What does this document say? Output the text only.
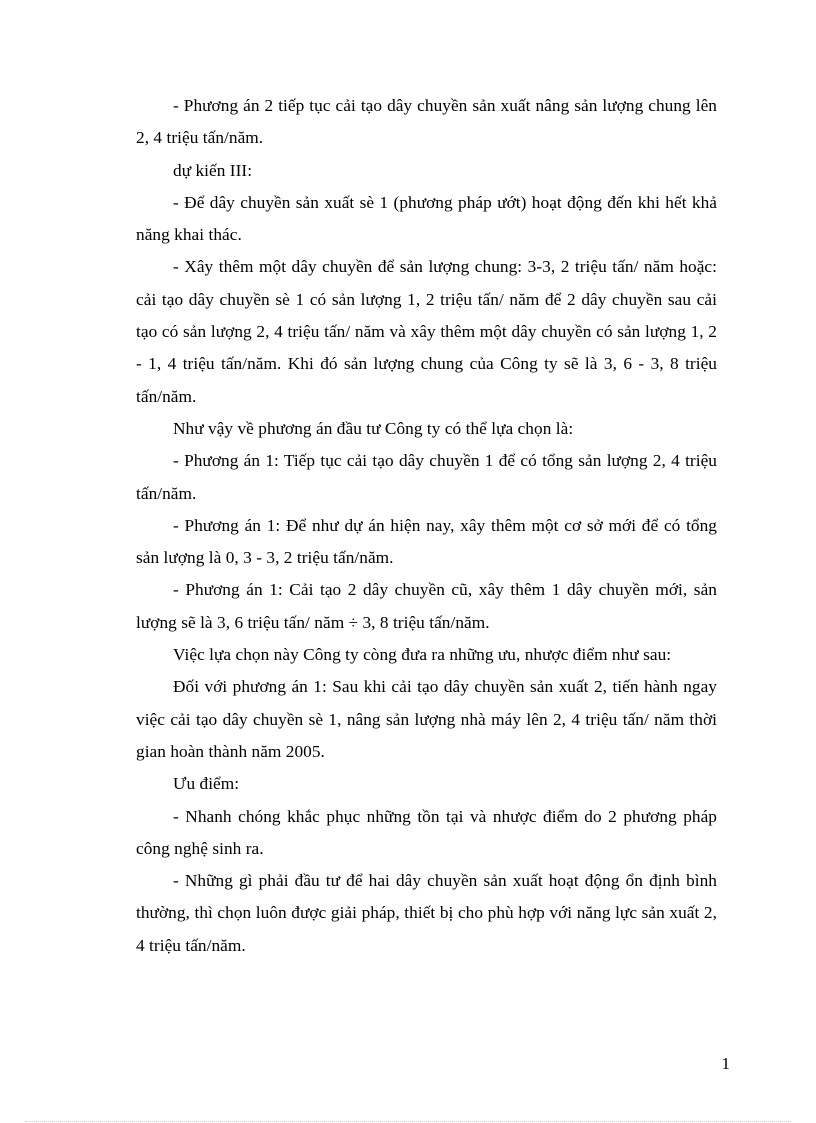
- Phương án 2 tiếp tục cải tạo dây chuyền sản xuất nâng sản lượng chung lên 2, 4 triệu tấn/năm.

dự kiến III:

- Để dây chuyền sản xuất sè 1 (phương pháp ướt) hoạt động đến khi hết khả năng khai thác.

- Xây thêm một dây chuyền để sản lượng chung: 3-3, 2 triệu tấn/ năm hoặc: cải tạo dây chuyền sè 1 có sản lượng 1, 2 triệu tấn/ năm để 2 dây chuyền sau cải tạo có sản lượng 2, 4 triệu tấn/ năm và xây thêm một dây chuyền có sản lượng 1, 2 - 1, 4 triệu tấn/năm. Khi đó sản lượng chung của Công ty sẽ là 3, 6 - 3, 8 triệu tấn/năm.

Như vậy về phương án đầu tư Công ty có thể lựa chọn là:

- Phương án 1: Tiếp tục cải tạo dây chuyền 1 để có tổng sản lượng 2, 4 triệu tấn/năm.

- Phương án 1: Để như dự án hiện nay, xây thêm một cơ sở mới để có tổng sản lượng là 0, 3 - 3, 2 triệu tấn/năm.

- Phương án 1: Cải tạo 2 dây chuyền cũ, xây thêm 1 dây chuyền mới, sản lượng sẽ là 3, 6 triệu tấn/ năm ÷ 3, 8 triệu tấn/năm.

Việc lựa chọn này Công ty còng đưa ra những ưu, nhược điểm như sau:

Đối với phương án 1: Sau khi cải tạo dây chuyền sản xuất 2, tiến hành ngay việc cải tạo dây chuyền sè 1, nâng sản lượng nhà máy lên 2, 4 triệu tấn/ năm thời gian hoàn thành năm 2005.

Ưu điểm:

- Nhanh chóng khắc phục những tồn tại và nhược điểm do 2 phương pháp công nghệ sinh ra.

- Những gì phải đầu tư để hai dây chuyền sản xuất hoạt động ổn định bình thường, thì chọn luôn được giải pháp, thiết bị cho phù hợp với năng lực sản xuất 2, 4 triệu tấn/năm.

1
